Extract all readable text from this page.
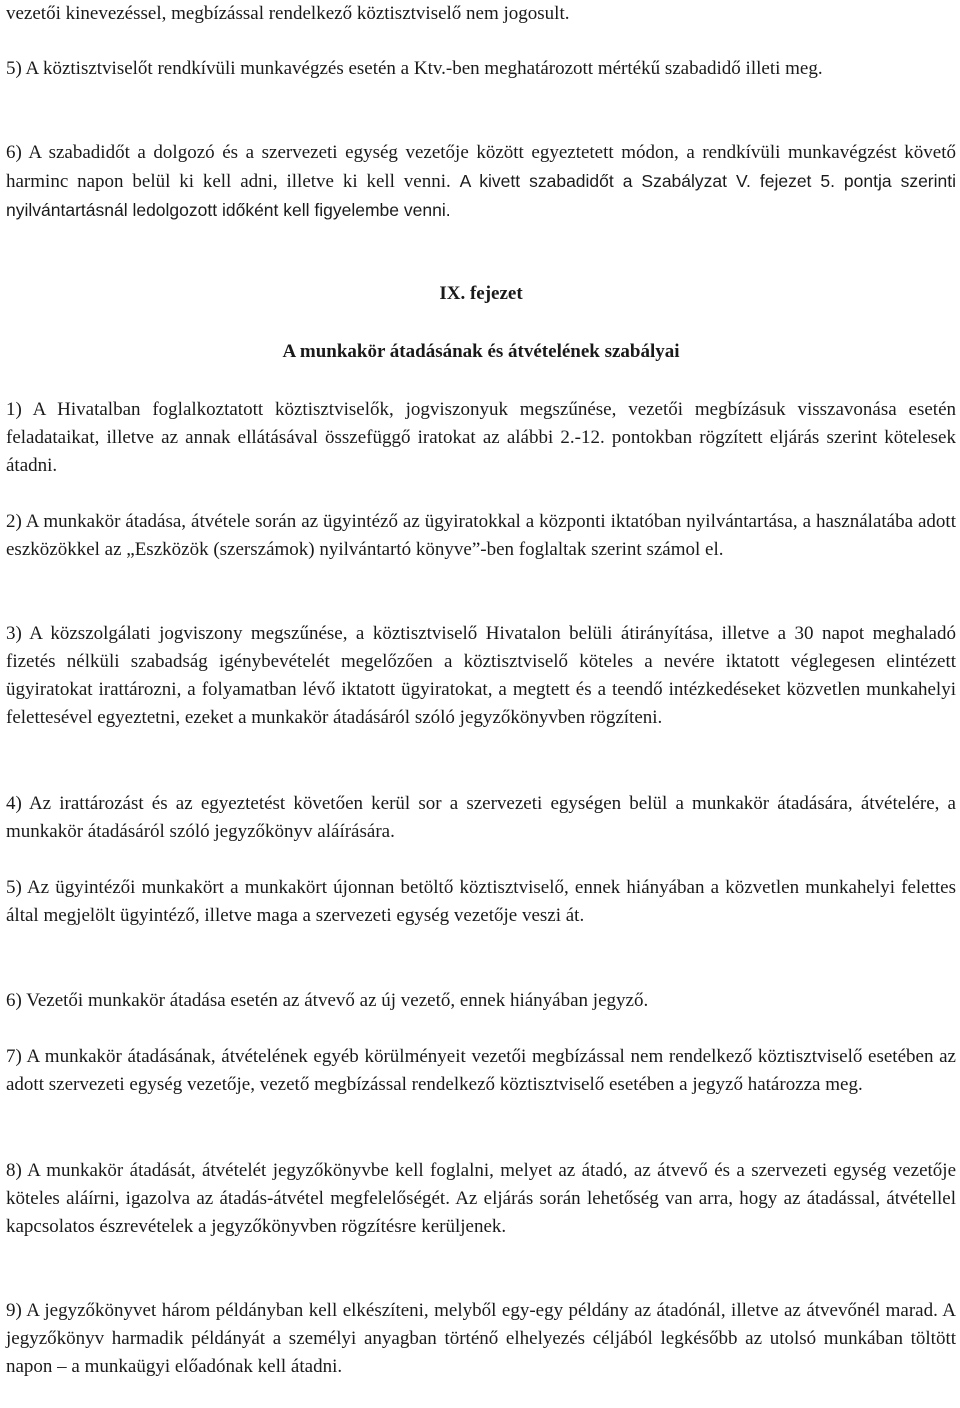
vezetői kinevezéssel, megbízással rendelkező köztisztviselő nem jogosult.

5) A köztisztviselőt rendkívüli munkavégzés esetén a Ktv.-ben meghatározott mértékű szabadidő illeti meg.

6) A szabadidőt a dolgozó és a szervezeti egység vezetője között egyeztetett módon, a rendkívüli munkavégzést követő harminc napon belül ki kell adni, illetve ki kell venni. A kivett szabadidőt a Szabályzat V. fejezet 5. pontja szerinti nyilvántartásnál ledolgozott időként kell figyelembe venni.

IX. fejezet

A munkakör átadásának és átvételének szabályai

1) A Hivatalban foglalkoztatott köztisztviselők, jogviszonyuk megszűnése, vezetői megbízásuk visszavonása esetén feladataikat, illetve az annak ellátásával összefüggő iratokat az alábbi 2.-12. pontokban rögzített eljárás szerint kötelesek átadni.

2) A munkakör átadása, átvétele során az ügyintéző az ügyiratokkal a központi iktatóban nyilvántartása, a használatába adott eszközökkel az „Eszközök (szerszámok) nyilvántartó könyve”-ben foglaltak szerint számol el.

3) A közszolgálati jogviszony megszűnése, a köztisztviselő Hivatalon belüli átirányítása, illetve a 30 napot meghaladó fizetés nélküli szabadság igénybevételét megelőzően a köztisztviselő köteles a nevére iktatott véglegesen elintézett ügyiratokat irattározni, a folyamatban lévő iktatott ügyiratokat, a megtett és a teendő intézkedéseket közvetlen munkahelyi felettesével egyeztetni, ezeket a munkakör átadásáról szóló jegyzőkönyvben rögzíteni.

4) Az irattározást és az egyeztetést követően kerül sor a szervezeti egységen belül a munkakör átadására, átvételére, a munkakör átadásáról szóló jegyzőkönyv aláírására.

5) Az ügyintézői munkakört a munkakört újonnan betöltő köztisztviselő, ennek hiányában a közvetlen munkahelyi felettes által megjelölt ügyintéző, illetve maga a szervezeti egység vezetője veszi át.

6) Vezetői munkakör átadása esetén az átvevő az új vezető, ennek hiányában jegyző.

7) A munkakör átadásának, átvételének egyéb körülményeit vezetői megbízással nem rendelkező köztisztviselő esetében az adott szervezeti egység vezetője, vezető megbízással rendelkező köztisztviselő esetében a jegyző határozza meg.

8) A munkakör átadását, átvételét jegyzőkönyvbe kell foglalni, melyet az átadó, az átvevő és a szervezeti egység vezetője köteles aláírni, igazolva az átadás-átvétel megfelelőségét. Az eljárás során lehetőség van arra, hogy az átadással, átvétellel kapcsolatos észrevételek a jegyzőkönyvben rögzítésre kerüljenek.

9) A jegyzőkönyvet három példányban kell elkészíteni, melyből egy-egy példány az átadónál, illetve az átvevőnél marad. A jegyzőkönyv harmadik példányát a személyi anyagban történő elhelyezés céljából legkésőbb az utolsó munkában töltött napon – a munkaügyi előadónak kell átadni.
